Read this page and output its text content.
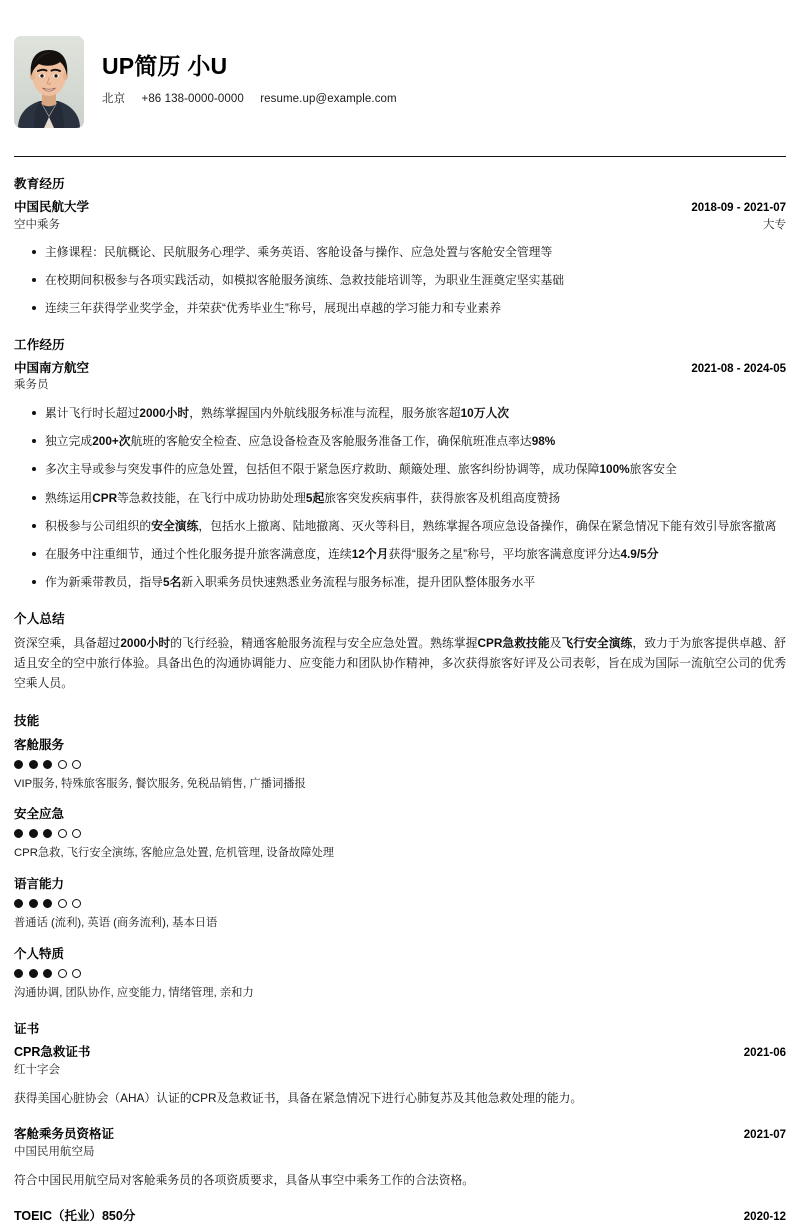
UP简历 小U
北京 +86 138-0000-0000 resume.up@example.com
教育经历
中国民航大学	2018-09 - 2021-07
空中乘务	大专
主修课程：民航概论、民航服务心理学、乘务英语、客舱设备与操作、应急处置与客舱安全管理等
在校期间积极参与各项实践活动，如模拟客舱服务演练、急救技能培训等，为职业生涯奠定坚实基础
连续三年获得学业奖学金，并荣获“优秀毕业生”称号，展现出卓越的学习能力和专业素养
工作经历
中国南方航空	2021-08 - 2024-05
乘务员
累计飞行时长超过2000小时，熟练掌握国内外航线服务标准与流程，服务旅客超10万人次
独立完成200+次航班的客舱安全检查、应急设备检查及客舱服务准备工作，确保航班准点率达98%
多次主导或参与突发事件的应急处置，包括但不限于紧急医疗救助、颠簸处理、旅客纠纷协调等，成功保障100%旅客安全
熟练运用CPR等急救技能，在飞行中成功协助处理5起旅客突发疾病事件，获得旅客及机组高度赞扬
积极参与公司组织的安全演练，包括水上撤离、陆地撤离、灭火等科目，熟练掌握各项应急设备操作，确保在紧急情况下能有效引导旅客撤离
在服务中注重细节，通过个性化服务提升旅客满意度，连续12个月获得“服务之星”称号，平均旅客满意度评分达4.9/5分
作为新乘带教员，指导5名新入职乘务员快速熟悉业务流程与服务标准，提升团队整体服务水平
个人总结
资深空乘，具备超过2000小时的飞行经验，精通客舱服务流程与安全应急处置。熟练掌握CPR急救技能及飞行安全演练，致力于为旅客提供卓越、舒适且安全的空中旅行体验。具备出色的沟通协调能力、应变能力和团队协作精神，多次获得旅客好评及公司表彰，旨在成为国际一流航空公司的优秀空乘人员。
技能
客舱服务
VIP服务, 特殊旅客服务, 餐饮服务, 免税品销售, 广播词播报
安全应急
CPR急救, 飞行安全演练, 客舱应急处置, 危机管理, 设备故障处理
语言能力
普通话 (流利), 英语 (商务流利), 基本日语
个人特质
沟通协调, 团队协作, 应变能力, 情绪管理, 亲和力
证书
CPR急救证书	2021-06
红十字会
获得美国心脏协会（AHA）认证的CPR及急救证书，具备在紧急情况下进行心肺复苏及其他急救处理的能力。
客舱乘务员资格证	2021-07
中国民用航空局
符合中国民用航空局对客舱乘务员的各项资质要求，具备从事空中乘务工作的合法资格。
TOEIC（托业）850分	2020-12
